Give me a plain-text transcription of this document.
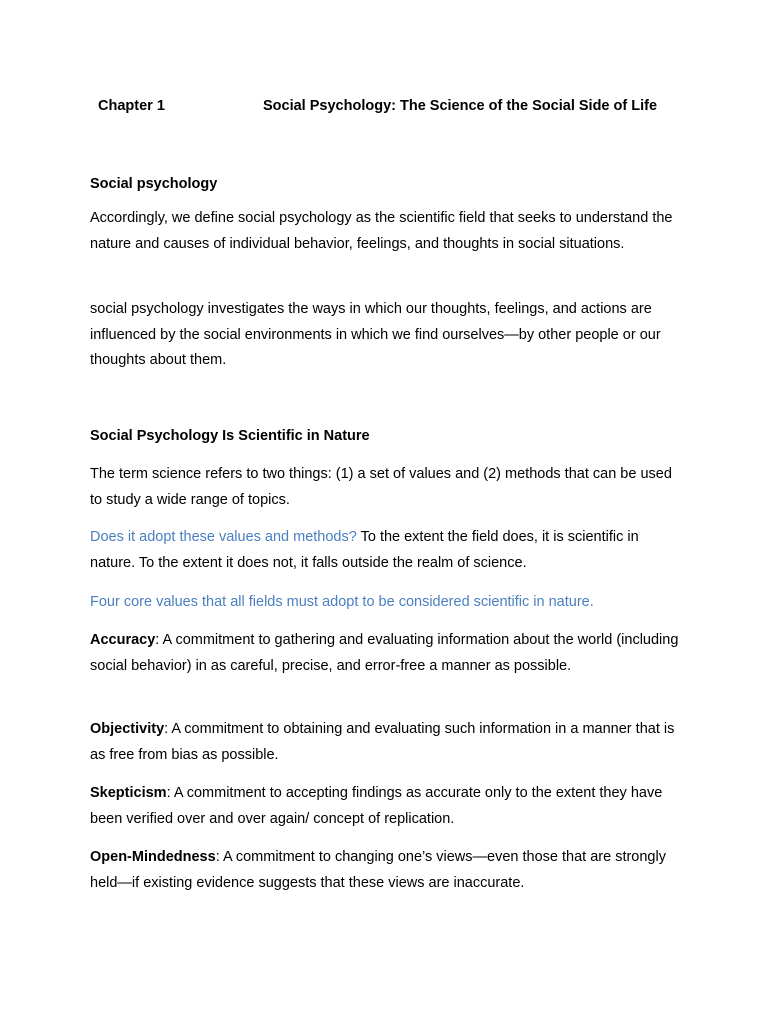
Chapter 1	Social Psychology: The Science of the Social Side of Life
Social psychology
Accordingly, we define social psychology as the scientific field that seeks to understand the nature and causes of individual behavior, feelings, and thoughts in social situations.
social psychology investigates the ways in which our thoughts, feelings, and actions are influenced by the social environments in which we find ourselves—by other people or our thoughts about them.
Social Psychology Is Scientific in Nature
The term science refers to two things: (1) a set of values and (2) methods that can be used to study a wide range of topics.
Does it adopt these values and methods? To the extent the field does, it is scientific in nature. To the extent it does not, it falls outside the realm of science.
Four core values that all fields must adopt to be considered scientific in nature.
Accuracy: A commitment to gathering and evaluating information about the world (including social behavior) in as careful, precise, and error-free a manner as possible.
Objectivity: A commitment to obtaining and evaluating such information in a manner that is as free from bias as possible.
Skepticism: A commitment to accepting findings as accurate only to the extent they have been verified over and over again/ concept of replication.
Open-Mindedness: A commitment to changing one’s views—even those that are strongly held—if existing evidence suggests that these views are inaccurate.
